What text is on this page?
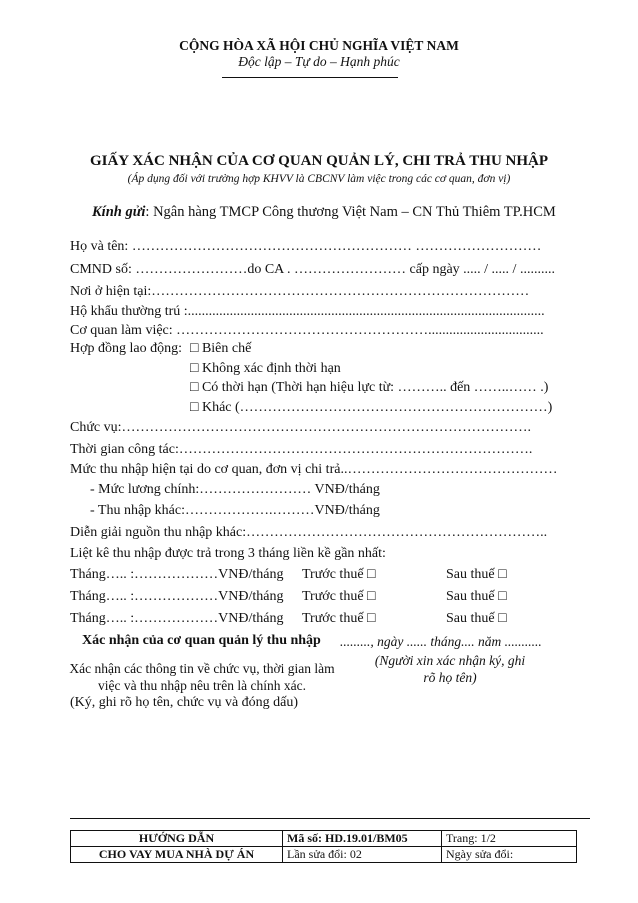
CỘNG HÒA XÃ HỘI CHỦ NGHĨA VIỆT NAM
Độc lập – Tự do – Hạnh phúc
GIẤY XÁC NHẬN CỦA CƠ QUAN QUẢN LÝ, CHI TRẢ THU NHẬP
(Áp dụng đối với trường hợp KHVV là CBCNV làm việc trong các cơ quan, đơn vị)
Kính gửi: Ngân hàng TMCP Công thương Việt Nam – CN Thủ Thiêm TP.HCM
Họ và tên: …………………………………………………… ………………………
CMND số: ……………………do CA . …………………… cấp ngày ..... / ..... / ..........
Nơi ở hiện tại:………………………………………………………………………
Hộ khẩu thường trú :......................................................................................................
Cơ quan làm việc: ……………………………………………….................................
Hợp đồng lao động: □ Biên chế
□ Không xác định thời hạn
□ Có thời hạn (Thời hạn hiệu lực từ: ……….. đến ……..…… .)
□ Khác (…………………………………………………………)
Chức vụ:…………………………………………………………………………….
Thời gian công tác:………………………………………………………………….
Mức thu nhập hiện tại do cơ quan, đơn vị chi trả..………………………………………
- Mức lương chính:…………………… VNĐ/tháng
- Thu nhập khác:……………….………VNĐ/tháng
Diễn giải nguồn thu nhập khác:………………………………………………………..
Liệt kê thu nhập được trả trong 3 tháng liền kề gần nhất:
Tháng….. :………………VNĐ/tháng Trước thuế □	Sau thuế □
Tháng….. :………………VNĐ/tháng Trước thuế □	Sau thuế □
Tháng….. :………………VNĐ/tháng Trước thuế □	Sau thuế □
Xác nhận của cơ quan quản lý thu nhập
Xác nhận các thông tin về chức vụ, thời gian làm việc và thu nhập nêu trên là chính xác.
(Ký, ghi rõ họ tên, chức vụ và đóng dấu)
........., ngày ...... tháng.... năm ...........
(Người xin xác nhận ký, ghi rõ họ tên)
HƯỚNG DẪN	Mã số: HD.19.01/BM05	Trang: 1/2
CHO VAY MUA NHÀ DỰ ÁN	Lần sửa đổi: 02	Ngày sửa đổi:
